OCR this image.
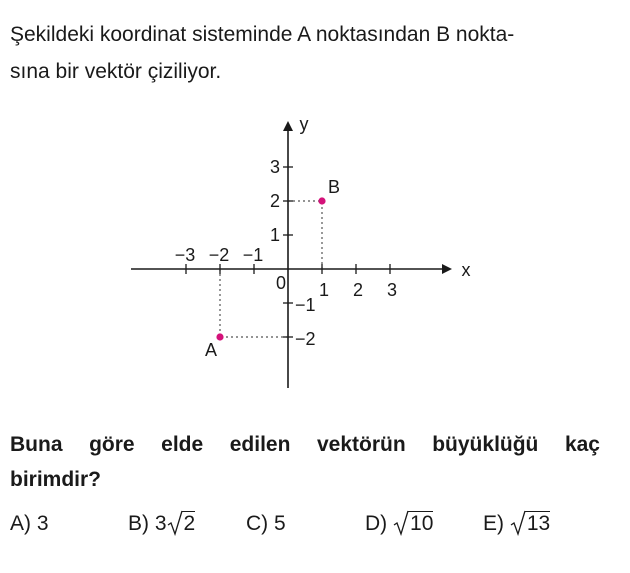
Şekildeki koordinat sisteminde A noktasından B nokta-
sına bir vektör çiziliyor.
x
y
0
−3 −2 −1
1 2 3
3
2
1
−1
−2
A
B
Buna göre elde edilen vektörün büyüklüğü kaç
birimdir?
A) 3	B) 3 2 C) 5	D) 10 E) 13
